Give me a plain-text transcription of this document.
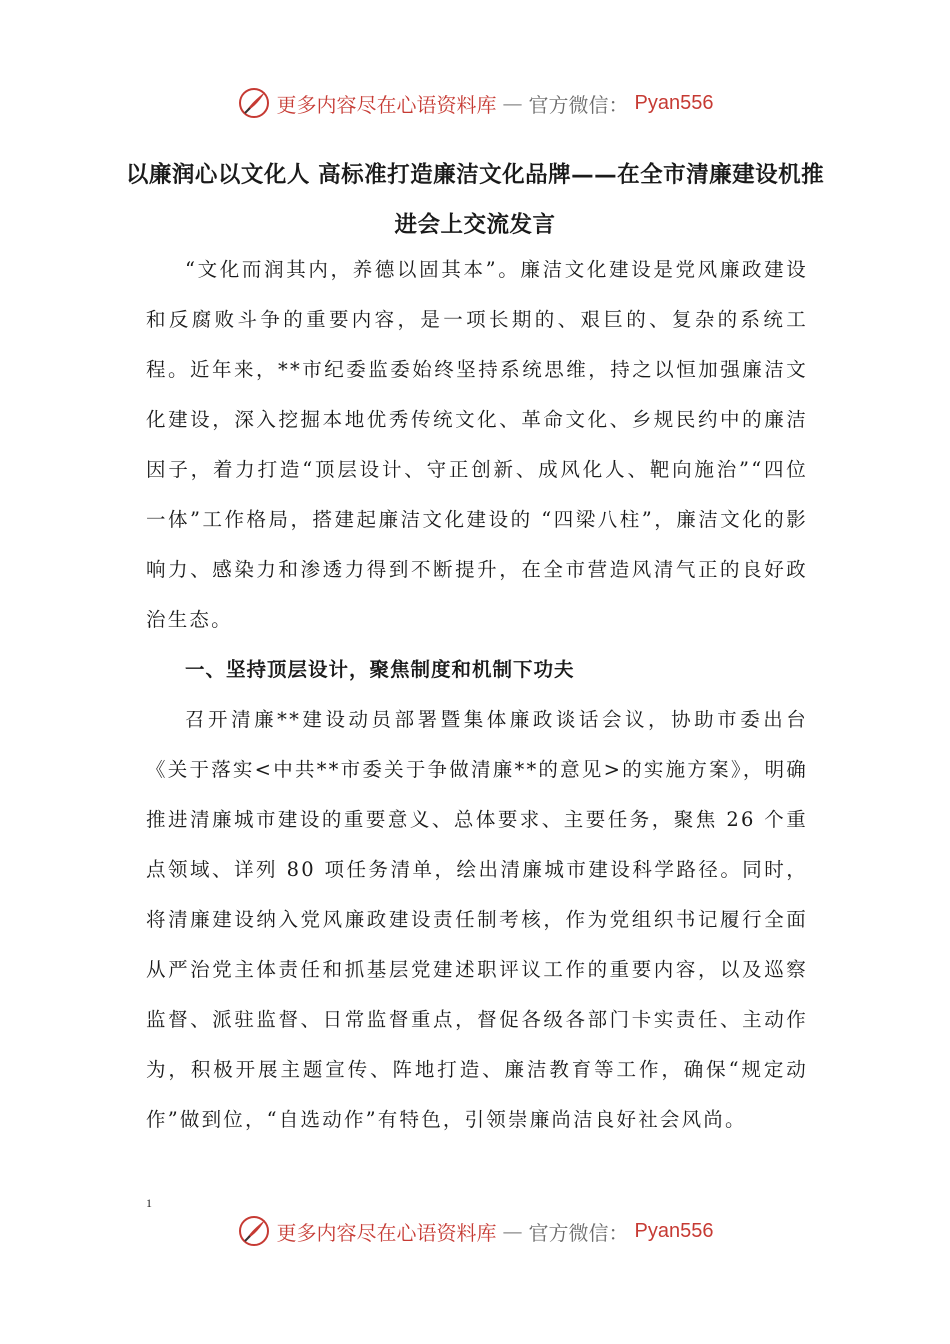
更多内容尽在心语资料库 — 官方微信： Pyan556
以廉润心以文化人 高标准打造廉洁文化品牌——在全市清廉建设机推进会上交流发言

“文化而润其内，养德以固其本”。廉洁文化建设是党风廉政建设和反腐败斗争的重要内容，是一项长期的、艰巨的、复杂的系统工程。近年来，**市纪委监委始终坚持系统思维，持之以恒加强廉洁文化建设，深入挖掘本地优秀传统文化、革命文化、乡规民约中的廉洁因子，着力打造“顶层设计、守正创新、成风化人、靶向施治”“四位一体”工作格局，搭建起廉洁文化建设的 “四梁八柱”，廉洁文化的影响力、感染力和渗透力得到不断提升，在全市营造风清气正的良好政治生态。

一、坚持顶层设计，聚焦制度和机制下功夫

召开清廉**建设动员部署暨集体廉政谈话会议，协助市委出台《关于落实<中共**市委关于争做清廉**的意见>的实施方案》，明确推进清廉城市建设的重要意义、总体要求、主要任务，聚焦 26 个重点领域、详列 80 项任务清单，绘出清廉城市建设科学路径。同时，将清廉建设纳入党风廉政建设责任制考核，作为党组织书记履行全面从严治党主体责任和抓基层党建述职评议工作的重要内容，以及巡察监督、派驻监督、日常监督重点，督促各级各部门卡实责任、主动作为，积极开展主题宣传、阵地打造、廉洁教育等工作，确保“规定动作”做到位，“自选动作”有特色，引领崇廉尚洁良好社会风尚。

1
更多内容尽在心语资料库 — 官方微信： Pyan556
